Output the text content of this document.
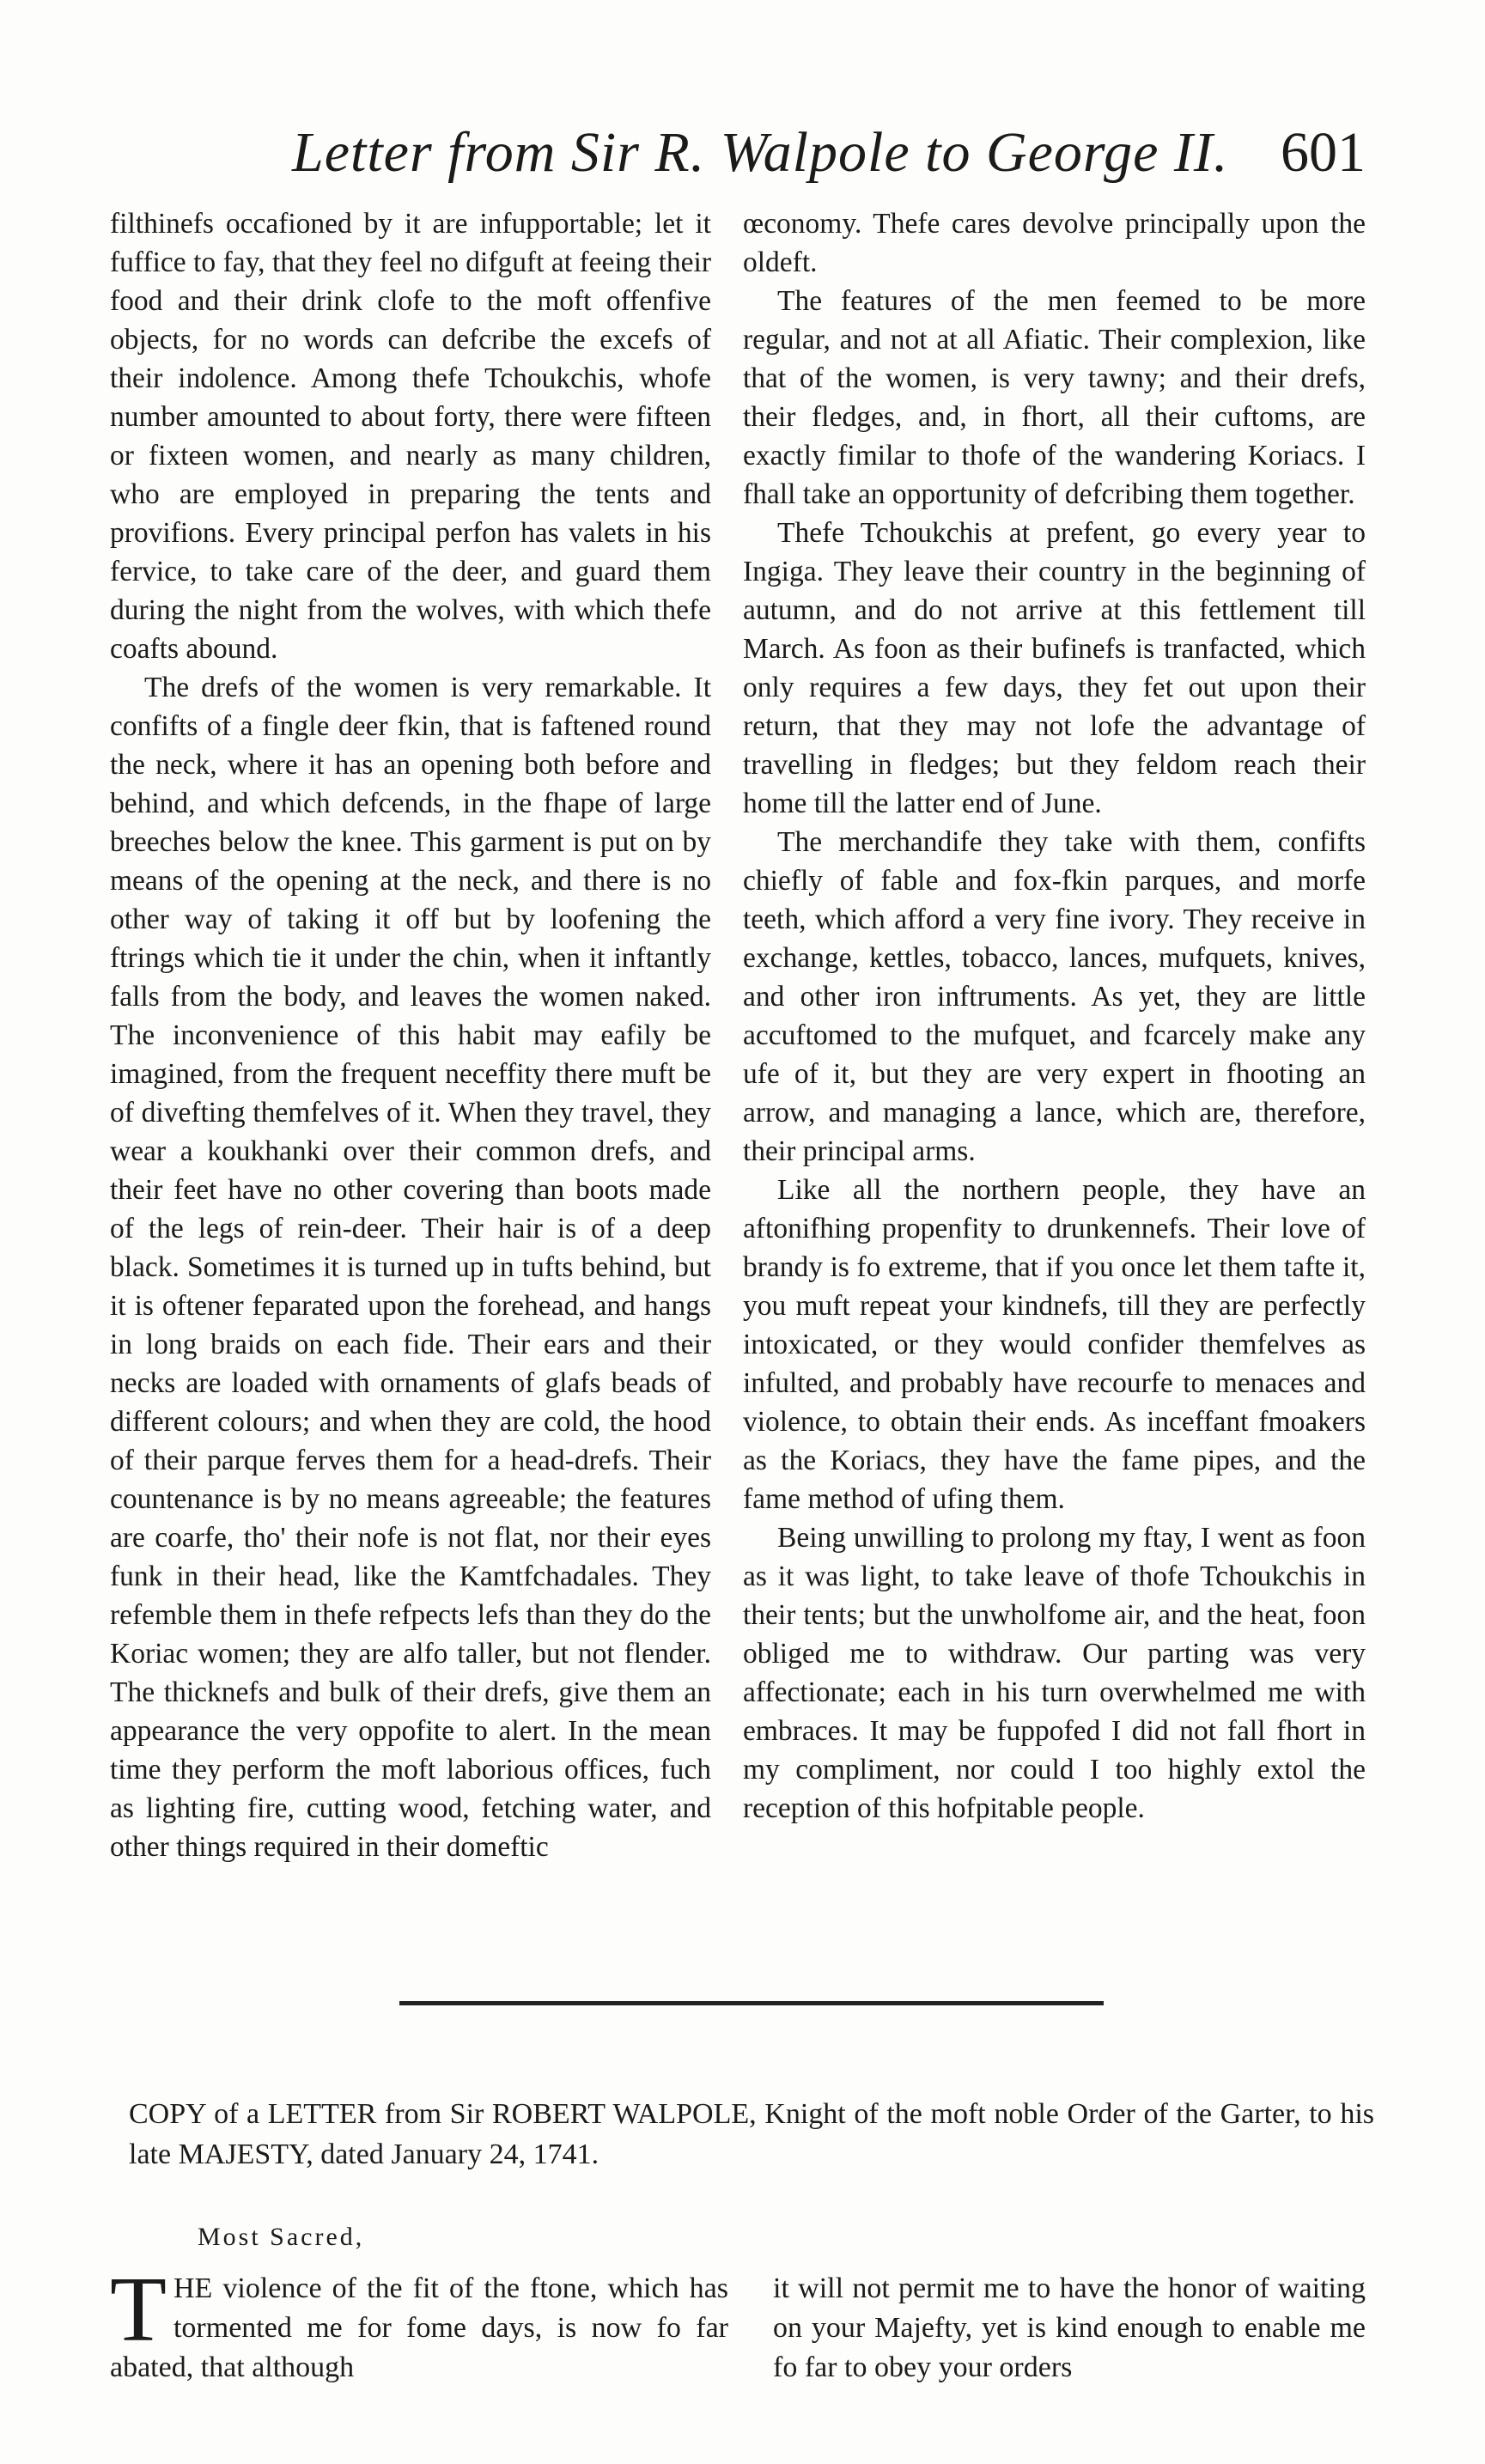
Letter from Sir R. Walpole to George II. 601

filthinefs occafioned by it are infupportable; let it fuffice to fay, that they feel no difguft at feeing their food and their drink clofe to the moft offenfive objects, for no words can defcribe the excefs of their indolence. Among thefe Tchoukchis, whofe number amounted to about forty, there were fifteen or fixteen women, and nearly as many children, who are employed in preparing the tents and provifions. Every principal perfon has valets in his fervice, to take care of the deer, and guard them during the night from the wolves, with which thefe coafts abound.

The drefs of the women is very remarkable. It confifts of a fingle deer fkin, that is faftened round the neck, where it has an opening both before and behind, and which defcends, in the fhape of large breeches below the knee. This garment is put on by means of the opening at the neck, and there is no other way of taking it off but by loofening the ftrings which tie it under the chin, when it inftantly falls from the body, and leaves the women naked. The inconvenience of this habit may eafily be imagined, from the frequent neceffity there muft be of divefting themfelves of it. When they travel, they wear a koukhanki over their common drefs, and their feet have no other covering than boots made of the legs of rein-deer. Their hair is of a deep black. Sometimes it is turned up in tufts behind, but it is oftener feparated upon the forehead, and hangs in long braids on each fide. Their ears and their necks are loaded with ornaments of glafs beads of different colours; and when they are cold, the hood of their parque ferves them for a head-drefs. Their countenance is by no means agreeable; the features are coarfe, tho' their nofe is not flat, nor their eyes funk in their head, like the Kamtfchadales. They refemble them in thefe refpects lefs than they do the Koriac women; they are alfo taller, but not flender. The thicknefs and bulk of their drefs, give them an appearance the very oppofite to alert. In the mean time they perform the moft laborious offices, fuch as lighting fire, cutting wood, fetching water, and other things required in their domeftic

œconomy. Thefe cares devolve principally upon the oldeft.

The features of the men feemed to be more regular, and not at all Afiatic. Their complexion, like that of the women, is very tawny; and their drefs, their fledges, and, in fhort, all their cuftoms, are exactly fimilar to thofe of the wandering Koriacs. I fhall take an opportunity of defcribing them together.

Thefe Tchoukchis at prefent, go every year to Ingiga. They leave their country in the beginning of autumn, and do not arrive at this fettlement till March. As foon as their bufinefs is tranfacted, which only requires a few days, they fet out upon their return, that they may not lofe the advantage of travelling in fledges; but they feldom reach their home till the latter end of June.

The merchandife they take with them, confifts chiefly of fable and fox-fkin parques, and morfe teeth, which afford a very fine ivory. They receive in exchange, kettles, tobacco, lances, mufquets, knives, and other iron inftruments. As yet, they are little accuftomed to the mufquet, and fcarcely make any ufe of it, but they are very expert in fhooting an arrow, and managing a lance, which are, therefore, their principal arms.

Like all the northern people, they have an aftonifhing propenfity to drunkennefs. Their love of brandy is fo extreme, that if you once let them tafte it, you muft repeat your kindnefs, till they are perfectly intoxicated, or they would confider themfelves as infulted, and probably have recourfe to menaces and violence, to obtain their ends. As inceffant fmoakers as the Koriacs, they have the fame pipes, and the fame method of ufing them.

Being unwilling to prolong my ftay, I went as foon as it was light, to take leave of thofe Tchoukchis in their tents; but the unwholfome air, and the heat, foon obliged me to withdraw. Our parting was very affectionate; each in his turn overwhelmed me with embraces. It may be fuppofed I did not fall fhort in my compliment, nor could I too highly extol the reception of this hofpitable people.

COPY of a LETTER from Sir ROBERT WALPOLE, Knight of the moft noble Order of the Garter, to his late MAJESTY, dated January 24, 1741.
Most Sacred,
T HE violence of the fit of the ftone, which has tormented me for fome days, is now fo far abated, that although
it will not permit me to have the honor of waiting on your Majefty, yet is kind enough to enable me fo far to obey your orders
